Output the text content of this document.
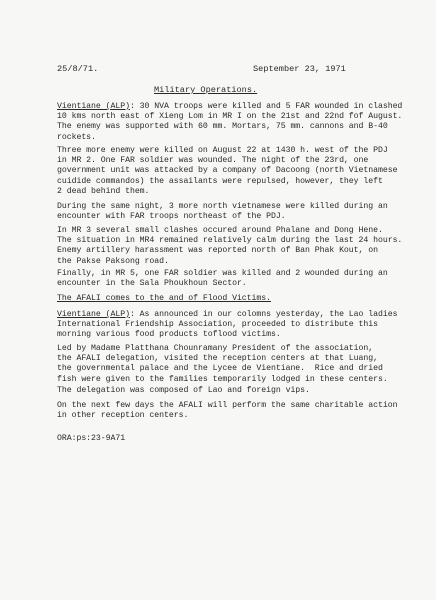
25/8/71.	September 23, 1971
Military Operations.
Vientiane (ALP): 30 NVA troops were killed and 5 FAR wounded in clashed
10 kms north east of Xieng Lom in MR I on the 21st and 22nd fof August.
The enemy was supported with 60 mm. Mortars, 75 mm. cannons and B-40
rockets.
Three more enemy were killed on August 22 at 1430 h. west of the PDJ
in MR 2. One FAR soldier was wounded. The night of the 23rd, one
government unit was attacked by a company of Dacoong (north Vietnamese
cuidide commandos) the assailants were repulsed, however, they left
2 dead behind them.
During the same night, 3 more north vietnamese were killed during an
encounter with FAR troops northeast of the PDJ.
In MR 3 several small clashes occured around Phalane and Dong Hene.
The situation in MR4 remained relatively calm during the last 24 hours.
Enemy artillery harassment was reported north of Ban Phak Kout, on
the Pakse Paksong road.
Finally, in MR 5, one FAR soldier was killed and 2 wounded during an
encounter in the Sala Phoukhoun Sector.
The AFALI comes to the and of Flood Victims.
Vientiane (ALP): As announced in our colomns yesterday, the Lao ladies
International Friendship Association, proceeded to distribute this
morning various food products toflood victims.
Led by Madame Platthana Chounramany President of the association,
the AFALI delegation, visited the reception centers at that Luang,
the governmental palace and the Lycee de Vientiane.  Rice and dried
fish were given to the families temporarily lodged in these centers.
The delegation was composed of Lao and foreign vips.
On the next few days the AFALI will perform the same charitable action
in other reception centers.
ORA:ps:23-9A71
